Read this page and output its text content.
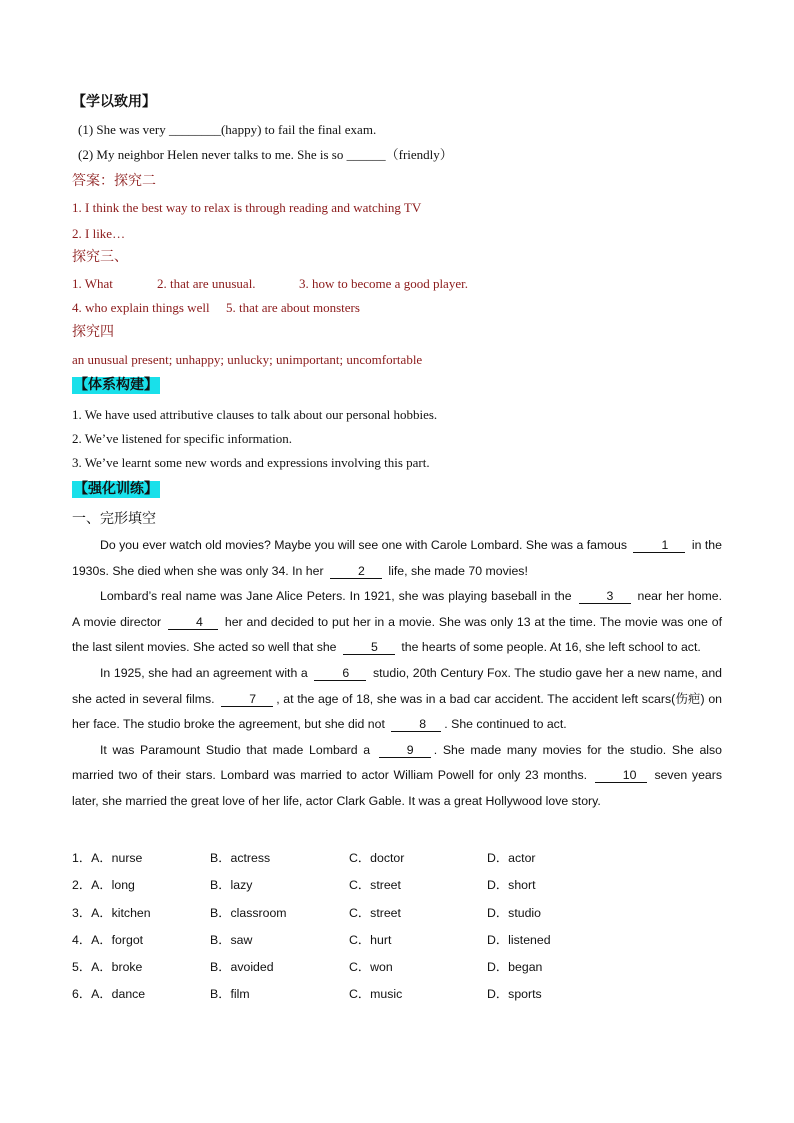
【学以致用】
(1) She was very ________(happy) to fail the final exam.
(2) My neighbor Helen never talks to me. She is so ______（friendly）
答案：探究二
1. I think the best way to relax is through reading and watching TV
2. I like…
探究三、
1. What	2. that are unusual.	3. how to become a good player.
4. who explain things well 5. that are about monsters
探究四
an unusual present; unhappy; unlucky; unimportant; uncomfortable
【体系构建】
1. We have used attributive clauses to talk about our personal hobbies.
2. We’ve listened for specific information.
3. We’ve learnt some new words and expressions involving this part.
【强化训练】
一、完形填空

Do you ever watch old movies? Maybe you will see one with Carole Lombard. She was a famous	1 in the 1930s. She died when she was only 34. In her	2 life, she made 70 movies!

Lombard’s real name was Jane Alice Peters. In 1921, she was playing baseball in the	3 near her home. A movie director	4 her and decided to put her in a movie. She was only 13 at the time. The movie was one of the last silent movies. She acted so well that she	5 the hearts of some people. At 16, she left school to act.

In 1925, she had an agreement with a	6 studio, 20th Century Fox. The studio gave her a new name, and she acted in several films.	7 , at the age of 18, she was in a bad car accident. The accident left scars(伤疤) on her face. The studio broke the agreement, but she did not	8 . She continued to act.

It was Paramount Studio that made Lombard a	9 . She made many movies for the studio. She also married two of their stars. Lombard was married to actor William Powell for only 23 months.	10 seven years later, she married the great love of her life, actor Clark Gable. It was a great Hollywood love story.

1．A．nurse	B．actress	C．doctor	D．actor
2．A．long	B．lazy	C．street	D．short
3．A．kitchen	B．classroom	C．street	D．studio
4．A．forgot	B．saw	C．hurt	D．listened
5．A．broke	B．avoided	C．won	D．began
6．A．dance	B．film	C．music	D．sports
